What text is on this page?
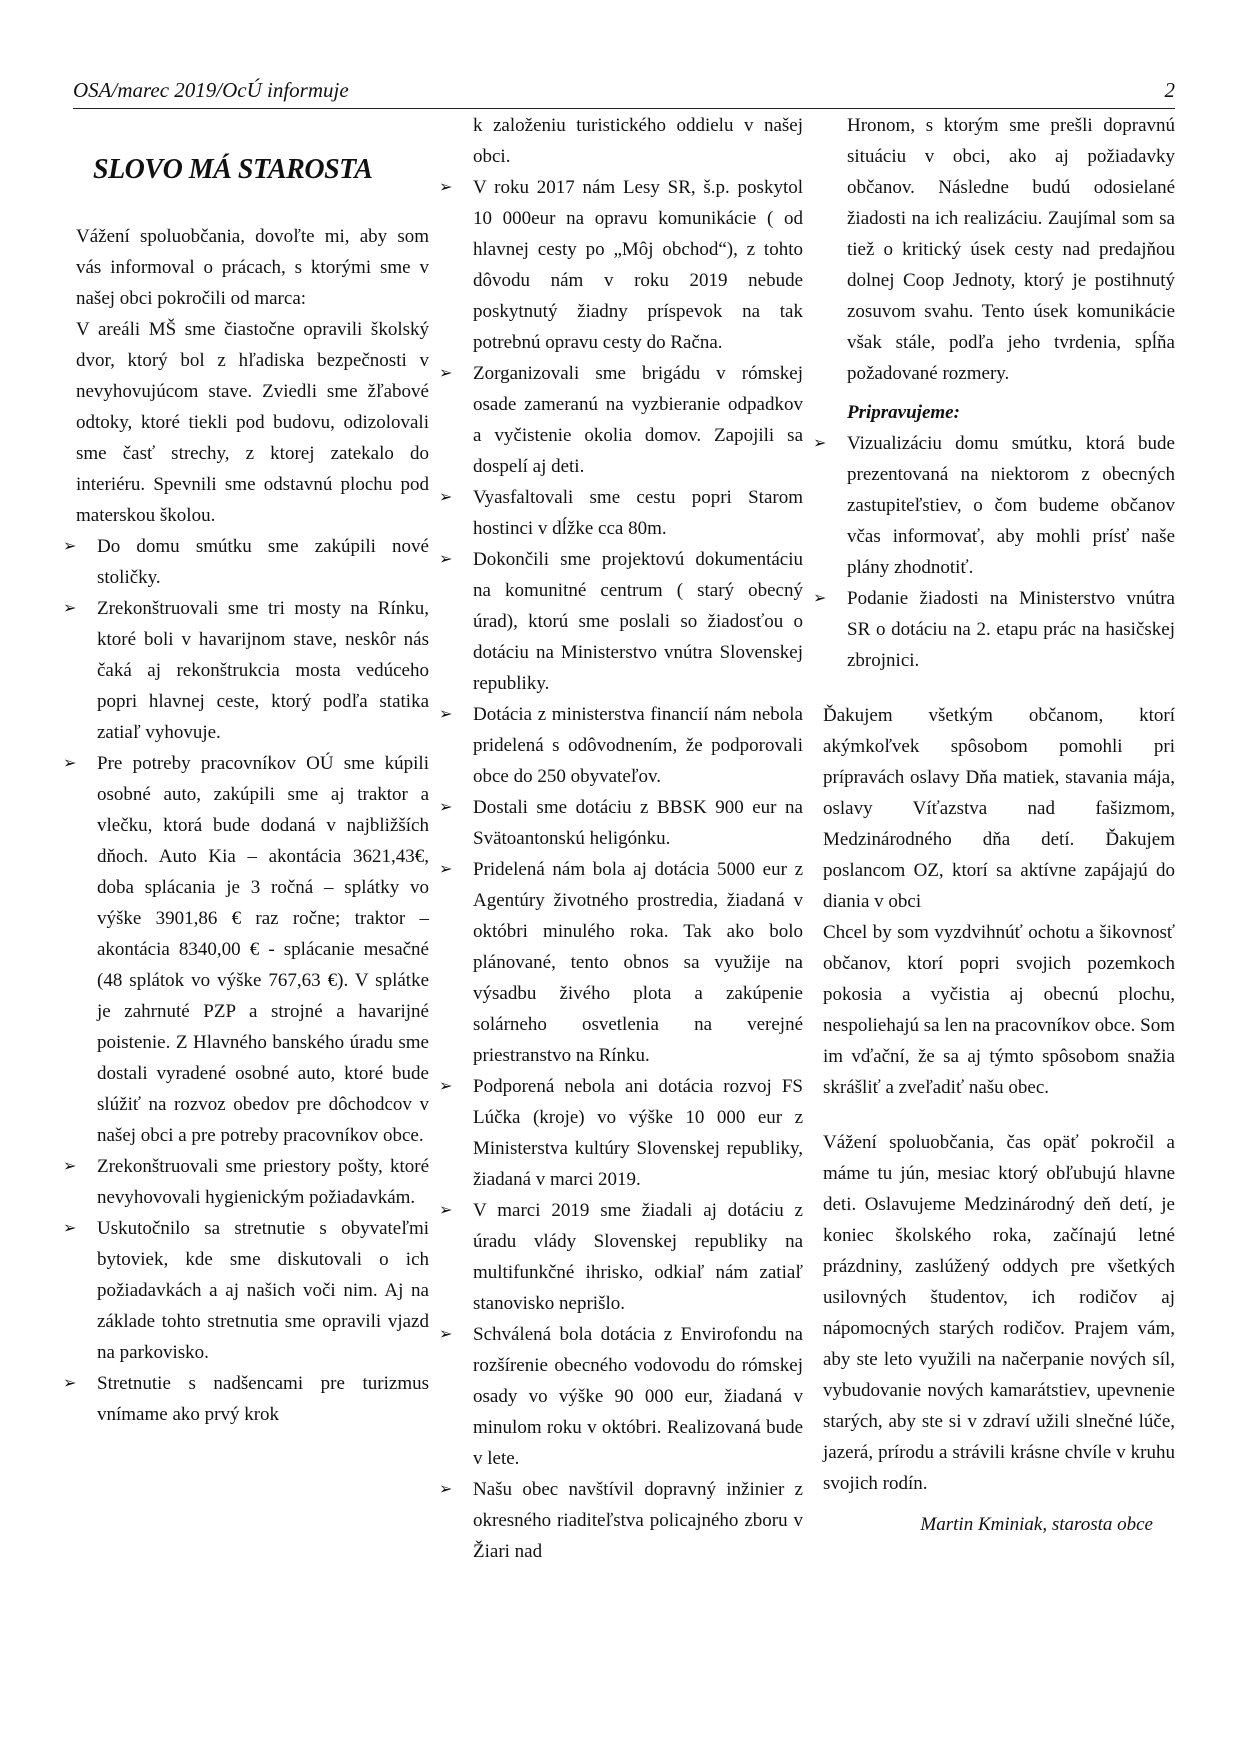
OSA/marec 2019/OcÚ informuje	2
SLOVO MÁ STAROSTA

Vážení spoluobčania, dovoľte mi, aby som vás informoval o prácach, s ktorými sme v našej obci pokročili od marca:

V areáli MŠ sme čiastočne opravili školský dvor, ktorý bol z hľadiska bezpečnosti v nevyhovujúcom stave. Zviedli sme žľabové odtoky, ktoré tiekli pod budovu, odizolovali sme časť strechy, z ktorej zatekalo do interiéru. Spevnili sme odstavnú plochu pod materskou školou.

➢ Do domu smútku sme zakúpili nové stoličky.
➢ Zrekonštruovali sme tri mosty na Rínku, ktoré boli v havarijnom stave, neskôr nás čaká aj rekonštrukcia mosta vedúceho popri hlavnej ceste, ktorý podľa statika zatiaľ vyhovuje.
➢ Pre potreby pracovníkov OÚ sme kúpili osobné auto, zakúpili sme aj traktor a vlečku, ktorá bude dodaná v najbližších dňoch. Auto Kia – akontácia 3621,43€, doba splácania je 3 ročná – splátky vo výške 3901,86 € raz ročne; traktor – akontácia 8340,00 € - splácanie mesačné (48 splátok vo výške 767,63 €). V splátke je zahrnuté PZP a strojné a havarijné poistenie. Z Hlavného banského úradu sme dostali vyradené osobné auto, ktoré bude slúžiť na rozvoz obedov pre dôchodcov v našej obci a pre potreby pracovníkov obce.
➢ Zrekonštruovali sme priestory pošty, ktoré nevyhovovali hygienickým požiadavkám.
➢ Uskutočnilo sa stretnutie s obyvateľmi bytoviek, kde sme diskutovali o ich požiadavkách a aj našich voči nim. Aj na základe tohto stretnutia sme opravili vjazd na parkovisko.
➢ Stretnutie s nadšencami pre turizmus vnímame ako prvý krok

k založeniu turistického oddielu v našej obci.

➢ V roku 2017 nám Lesy SR, š.p. poskytol 10 000eur na opravu komunikácie ( od hlavnej cesty po „Môj obchod“), z tohto dôvodu nám v roku 2019 nebude poskytnutý žiadny príspevok na tak potrebnú opravu cesty do Račna.
➢ Zorganizovali sme brigádu v rómskej osade zameranú na vyzbieranie odpadkov a vyčistenie okolia domov. Zapojili sa dospelí aj deti.
➢ Vyasfaltovali sme cestu popri Starom hostinci v dĺžke cca 80m.
➢ Dokončili sme projektovú dokumentáciu na komunitné centrum ( starý obecný úrad), ktorú sme poslali so žiadosťou o dotáciu na Ministerstvo vnútra Slovenskej republiky.
➢ Dotácia z ministerstva financií nám nebola pridelená s odôvodnením, že podporovali obce do 250 obyvateľov.
➢ Dostali sme dotáciu z BBSK 900 eur na Svätoantonskú heligónku.
➢ Pridelená nám bola aj dotácia 5000 eur z Agentúry životného prostredia, žiadaná v októbri minulého roka. Tak ako bolo plánované, tento obnos sa využije na výsadbu živého plota a zakúpenie solárneho osvetlenia na verejné priestranstvo na Rínku.
➢ Podporená nebola ani dotácia rozvoj FS Lúčka (kroje) vo výške 10 000 eur z Ministerstva kultúry Slovenskej republiky, žiadaná v marci 2019.
➢ V marci 2019 sme žiadali aj dotáciu z úradu vlády Slovenskej republiky na multifunkčné ihrisko, odkiaľ nám zatiaľ stanovisko neprišlo.
➢ Schválená bola dotácia z Envirofondu na rozšírenie obecného vodovodu do rómskej osady vo výške 90 000 eur, žiadaná v minulom roku v októbri. Realizovaná bude v lete.
➢ Našu obec navštívil dopravný inžinier z okresného riaditeľstva policajného zboru v Žiari nad

Hronom, s ktorým sme prešli dopravnú situáciu v obci, ako aj požiadavky občanov. Následne budú odosielané žiadosti na ich realizáciu. Zaujímal som sa tiež o kritický úsek cesty nad predajňou dolnej Coop Jednoty, ktorý je postihnutý zosuvom svahu. Tento úsek komunikácie však stále, podľa jeho tvrdenia, spĺňa požadované rozmery.

Pripravujeme:

➢ Vizualizáciu domu smútku, ktorá bude prezentovaná na niektorom z obecných zastupiteľstiev, o čom budeme občanov včas informovať, aby mohli prísť naše plány zhodnotiť.
➢ Podanie žiadosti na Ministerstvo vnútra SR o dotáciu na 2. etapu prác na hasičskej zbrojnici.

Ďakujem všetkým občanom, ktorí akýmkoľvek spôsobom pomohli pri prípravách oslavy Dňa matiek, stavania mája, oslavy Víťazstva nad fašizmom, Medzinárodného dňa detí. Ďakujem poslancom OZ, ktorí sa aktívne zapájajú do diania v obci

Chcel by som vyzdvihnúť ochotu a šikovnosť občanov, ktorí popri svojich pozemkoch pokosia a vyčistia aj obecnú plochu, nespoliehajú sa len na pracovníkov obce. Som im vďační, že sa aj týmto spôsobom snažia skrášliť a zveľadiť našu obec.

Vážení spoluobčania, čas opäť pokročil a máme tu jún, mesiac ktorý obľubujú hlavne deti. Oslavujeme Medzinárodný deň detí, je koniec školského roka, začínajú letné prázdniny, zaslúžený oddych pre všetkých usilovných študentov, ich rodičov aj nápomocných starých rodičov. Prajem vám, aby ste leto využili na načerpanie nových síl, vybudovanie nových kamarátstiev, upevnenie starých, aby ste si v zdraví užili slnečné lúče, jazerá, prírodu a strávili krásne chvíle v kruhu svojich rodín.

Martin Kminiak, starosta obce
